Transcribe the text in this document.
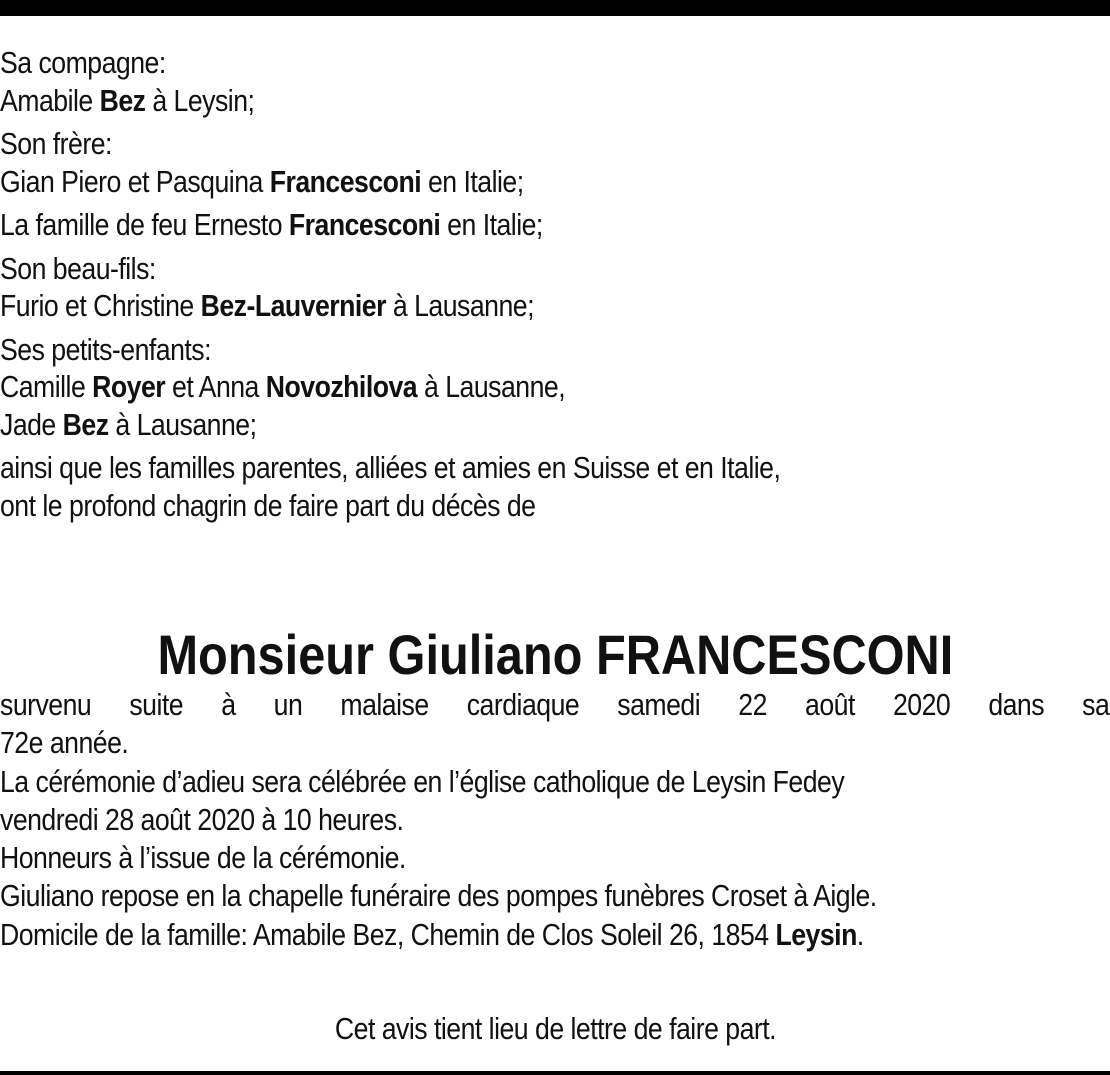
Sa compagne:
Amabile Bez à Leysin;
Son frère:
Gian Piero et Pasquina Francesconi en Italie;
La famille de feu Ernesto Francesconi en Italie;
Son beau-fils:
Furio et Christine Bez-Lauvernier à Lausanne;
Ses petits-enfants:
Camille Royer et Anna Novozhilova à Lausanne,
Jade Bez à Lausanne;
ainsi que les familles parentes, alliées et amies en Suisse et en Italie,
ont le profond chagrin de faire part du décès de
Monsieur Giuliano FRANCESCONI
survenu suite à un malaise cardiaque samedi 22 août 2020 dans sa
72e année.
La cérémonie d’adieu sera célébrée en l’église catholique de Leysin Fedey
vendredi 28 août 2020 à 10 heures.
Honneurs à l’issue de la cérémonie.
Giuliano repose en la chapelle funéraire des pompes funèbres Croset à Aigle.
Domicile de la famille: Amabile Bez, Chemin de Clos Soleil 26, 1854 Leysin.
Cet avis tient lieu de lettre de faire part.
